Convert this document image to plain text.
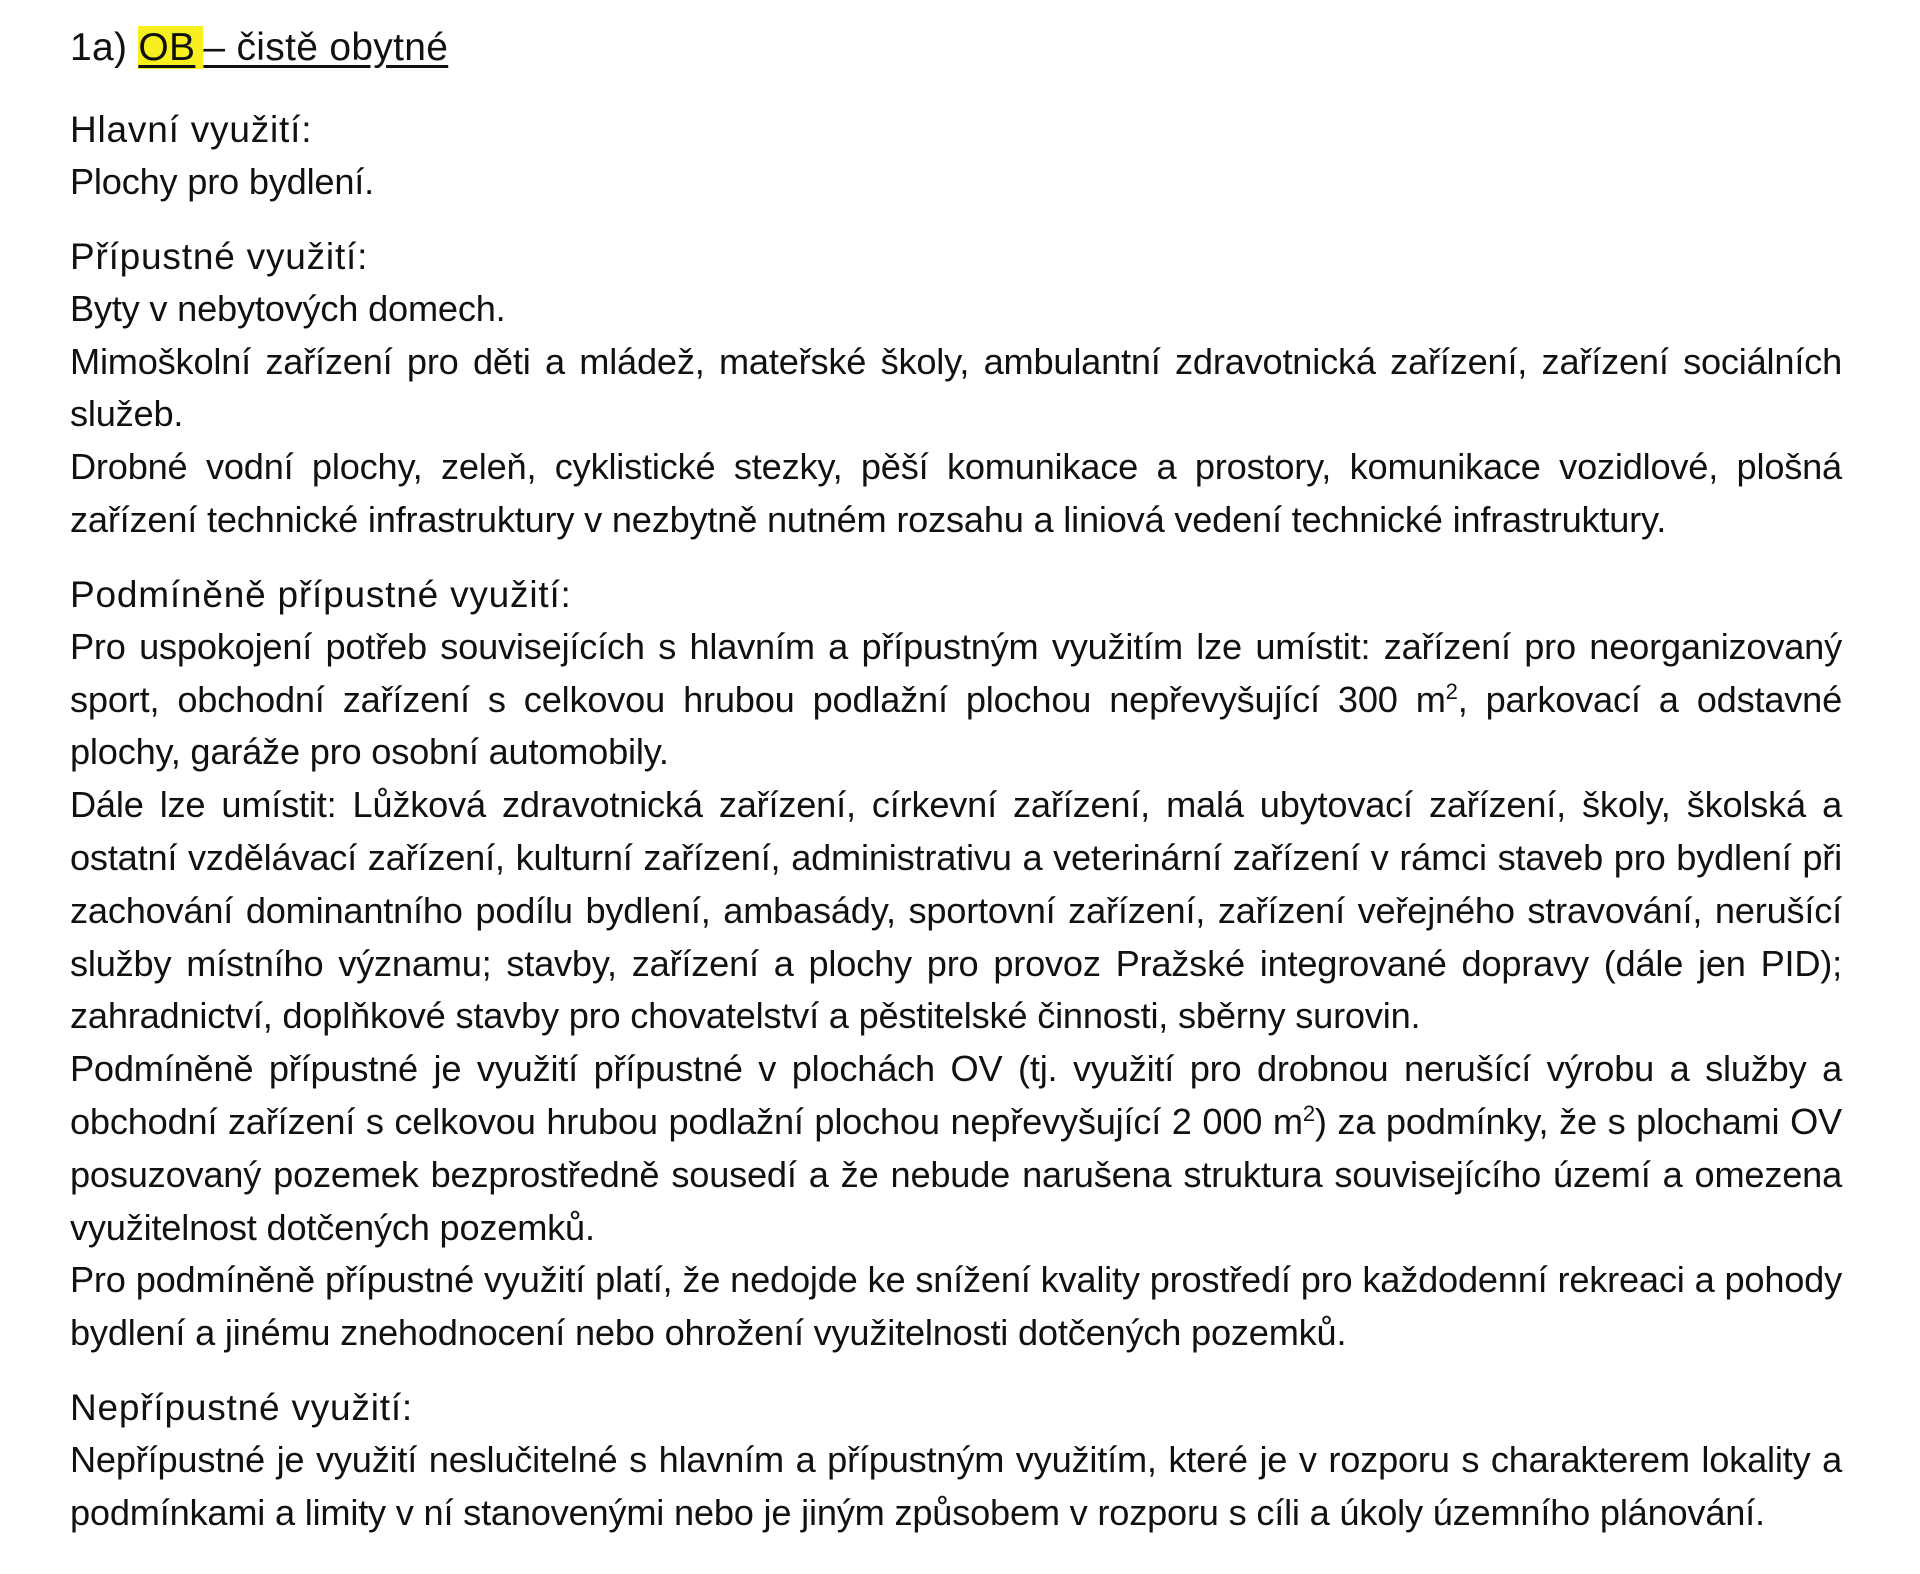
1a) OB – čistě obytné

Hlavní využití:

Plochy pro bydlení.

Přípustné využití:

Byty v nebytových domech.

Mimoškolní zařízení pro děti a mládež, mateřské školy, ambulantní zdravotnická zařízení, zařízení sociálních služeb.

Drobné vodní plochy, zeleň, cyklistické stezky, pěší komunikace a prostory, komunikace vozidlové, plošná zařízení technické infrastruktury v nezbytně nutném rozsahu a liniová vedení technické infrastruktury.

Podmíněně přípustné využití:

Pro uspokojení potřeb souvisejících s hlavním a přípustným využitím lze umístit: zařízení pro neorganizovaný sport, obchodní zařízení s celkovou hrubou podlažní plochou nepřevyšující 300 $m^2$, parkovací a odstavné plochy, garáže pro osobní automobily.

Dále lze umístit: Lůžková zdravotnická zařízení, církevní zařízení, malá ubytovací zařízení, školy, školská a ostatní vzdělávací zařízení, kulturní zařízení, administrativu a veterinární zařízení v rámci staveb pro bydlení při zachování dominantního podílu bydlení, ambasády, sportovní zařízení, zařízení veřejného stravování, nerušící služby místního významu; stavby, zařízení a plochy pro provoz Pražské integrované dopravy (dále jen PID); zahradnictví, doplňkové stavby pro chovatelství a pěstitelské činnosti, sběrny surovin.

Podmíněně přípustné je využití přípustné v plochách OV (tj. využití pro drobnou nerušící výrobu a služby a obchodní zařízení s celkovou hrubou podlažní plochou nepřevyšující 2 000 $m^2$) za podmínky, že s plochami OV posuzovaný pozemek bezprostředně sousedí a že nebude narušena struktura souvisejícího území a omezena využitelnost dotčených pozemků.

Pro podmíněně přípustné využití platí, že nedojde ke snížení kvality prostředí pro každodenní rekreaci a pohody bydlení a jinému znehodnocení nebo ohrožení využitelnosti dotčených pozemků.

Nepřípustné využití:

Nepřípustné je využití neslučitelné s hlavním a přípustným využitím, které je v rozporu s charakterem lokality a podmínkami a limity v ní stanovenými nebo je jiným způsobem v rozporu s cíli a úkoly územního plánování.
